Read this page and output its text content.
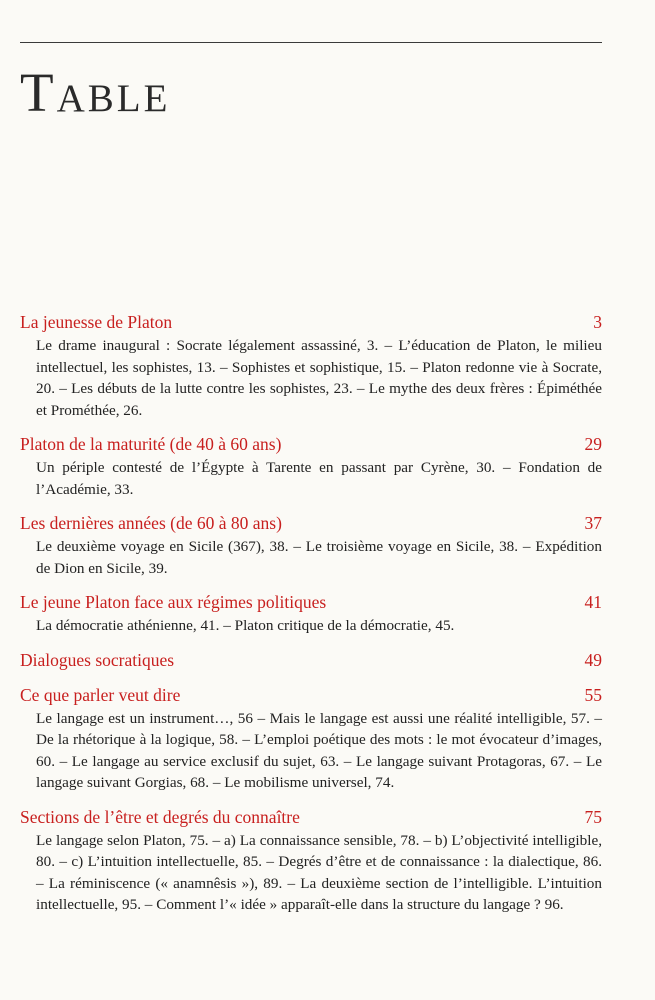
Table
La jeunesse de Platon	3
Le drame inaugural : Socrate légalement assassiné, 3. – L’éducation de Platon, le milieu intellectuel, les sophistes, 13. – Sophistes et sophistique, 15. – Platon redonne vie à Socrate, 20. – Les débuts de la lutte contre les sophistes, 23. – Le mythe des deux frères : Épiméthée et Prométhée, 26.
Platon de la maturité (de 40 à 60 ans)	29
Un périple contesté de l’Égypte à Tarente en passant par Cyrène, 30. – Fondation de l’Académie, 33.
Les dernières années (de 60 à 80 ans)	37
Le deuxième voyage en Sicile (367), 38. – Le troisième voyage en Sicile, 38. – Expédition de Dion en Sicile, 39.
Le jeune Platon face aux régimes politiques	41
La démocratie athénienne, 41. – Platon critique de la démocratie, 45.
Dialogues socratiques	49
Ce que parler veut dire	55
Le langage est un instrument…, 56 – Mais le langage est aussi une réalité intelligible, 57. – De la rhétorique à la logique, 58. – L’emploi poétique des mots : le mot évocateur d’images, 60. – Le langage au service exclusif du sujet, 63. – Le langage suivant Protagoras, 67. – Le langage suivant Gorgias, 68. – Le mobilisme universel, 74.
Sections de l’être et degrés du connaître	75
Le langage selon Platon, 75. – a) La connaissance sensible, 78. – b) L’objectivité intelligible, 80. – c) L’intuition intellectuelle, 85. – Degrés d’être et de connaissance : la dialectique, 86. – La réminiscence (« anamnêsis »), 89. – La deuxième section de l’intelligible. L’intuition intellectuelle, 95. – Comment l’« idée » apparaît-elle dans la structure du langage ? 96.
